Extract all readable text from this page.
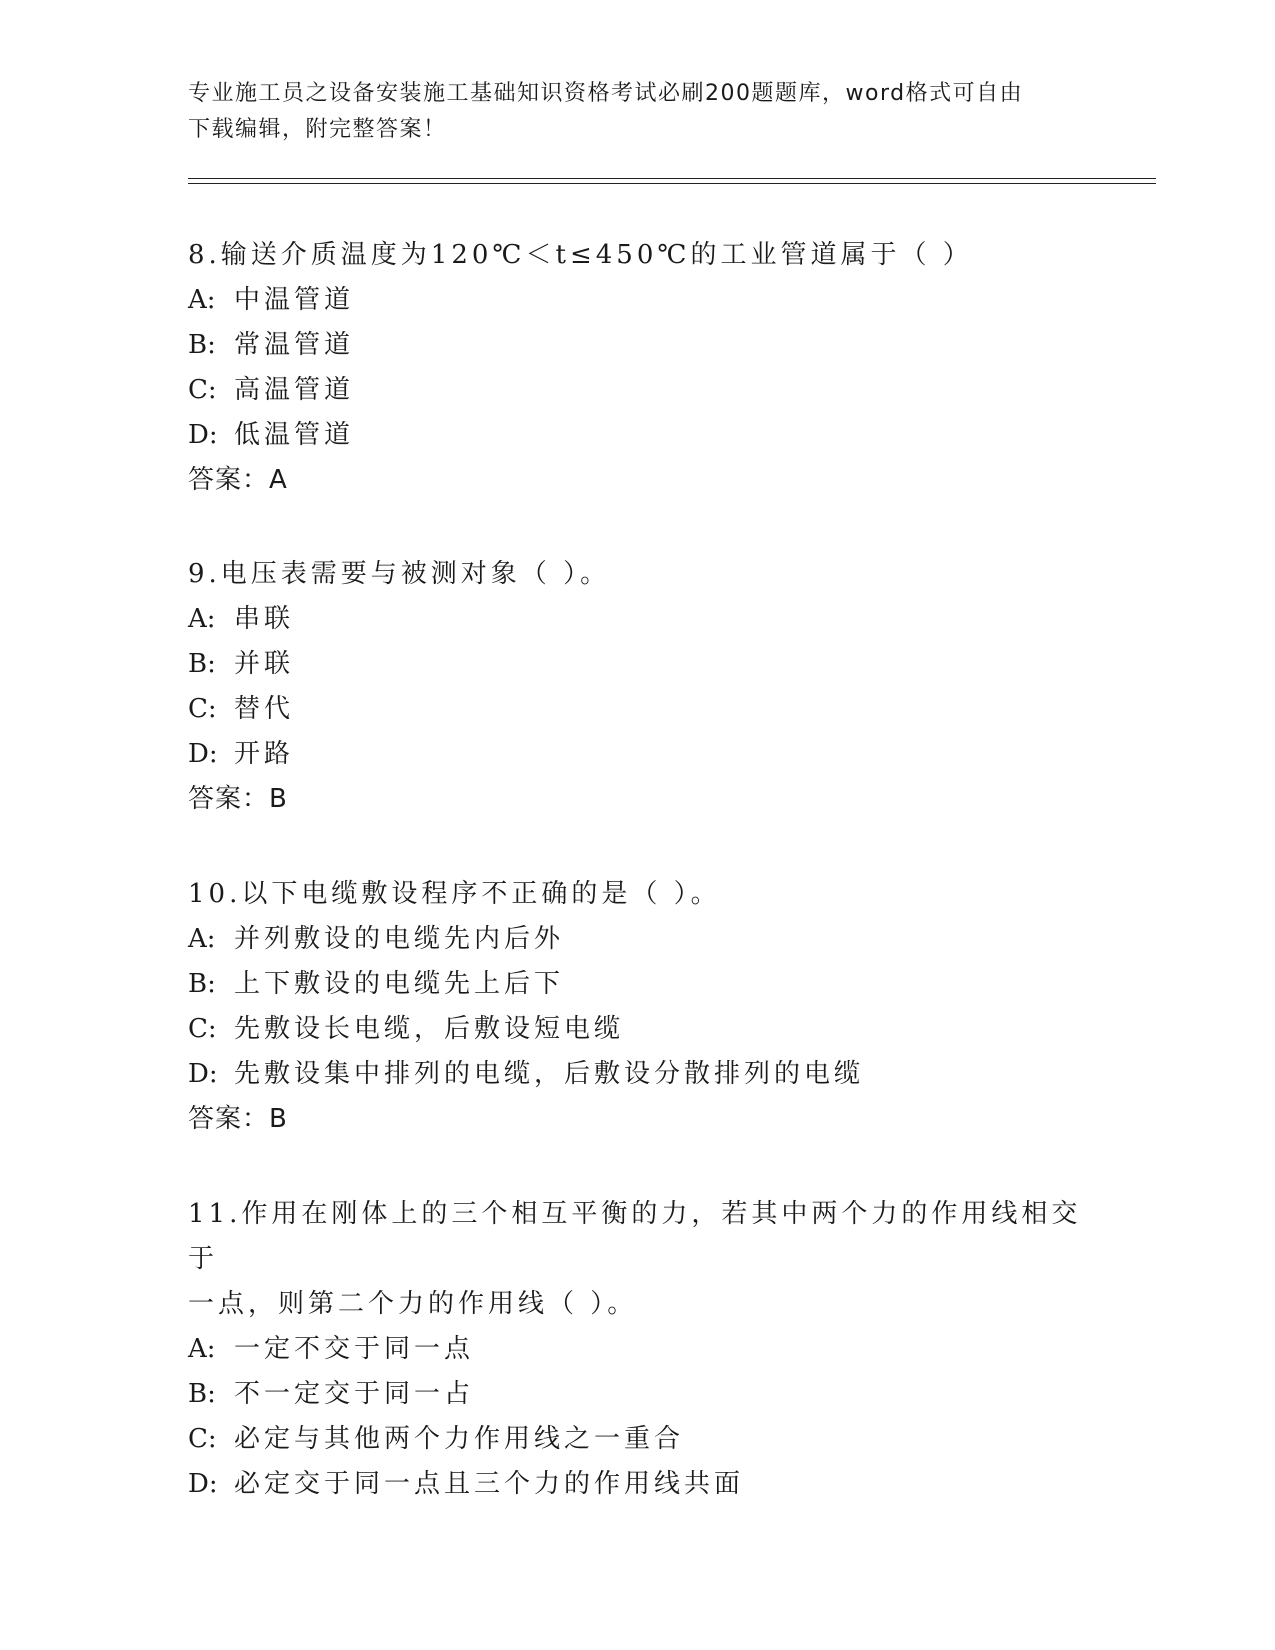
专业施工员之设备安装施工基础知识资格考试必刷200题题库，word格式可自由
下载编辑，附完整答案！

8.输送介质温度为120℃＜t≤450℃的工业管道属于（ ）

A: 中温管道

B: 常温管道

C: 高温管道

D: 低温管道

答案：A

9.电压表需要与被测对象（ ）。

A: 串联

B: 并联

C: 替代

D: 开路

答案：B

10.以下电缆敷设程序不正确的是（ ）。

A: 并列敷设的电缆先内后外

B: 上下敷设的电缆先上后下

C: 先敷设长电缆，后敷设短电缆

D: 先敷设集中排列的电缆，后敷设分散排列的电缆

答案：B

11.作用在刚体上的三个相互平衡的力，若其中两个力的作用线相交于

一点，则第二个力的作用线（ ）。

A: 一定不交于同一点

B: 不一定交于同一占

C: 必定与其他两个力作用线之一重合

D: 必定交于同一点且三个力的作用线共面
